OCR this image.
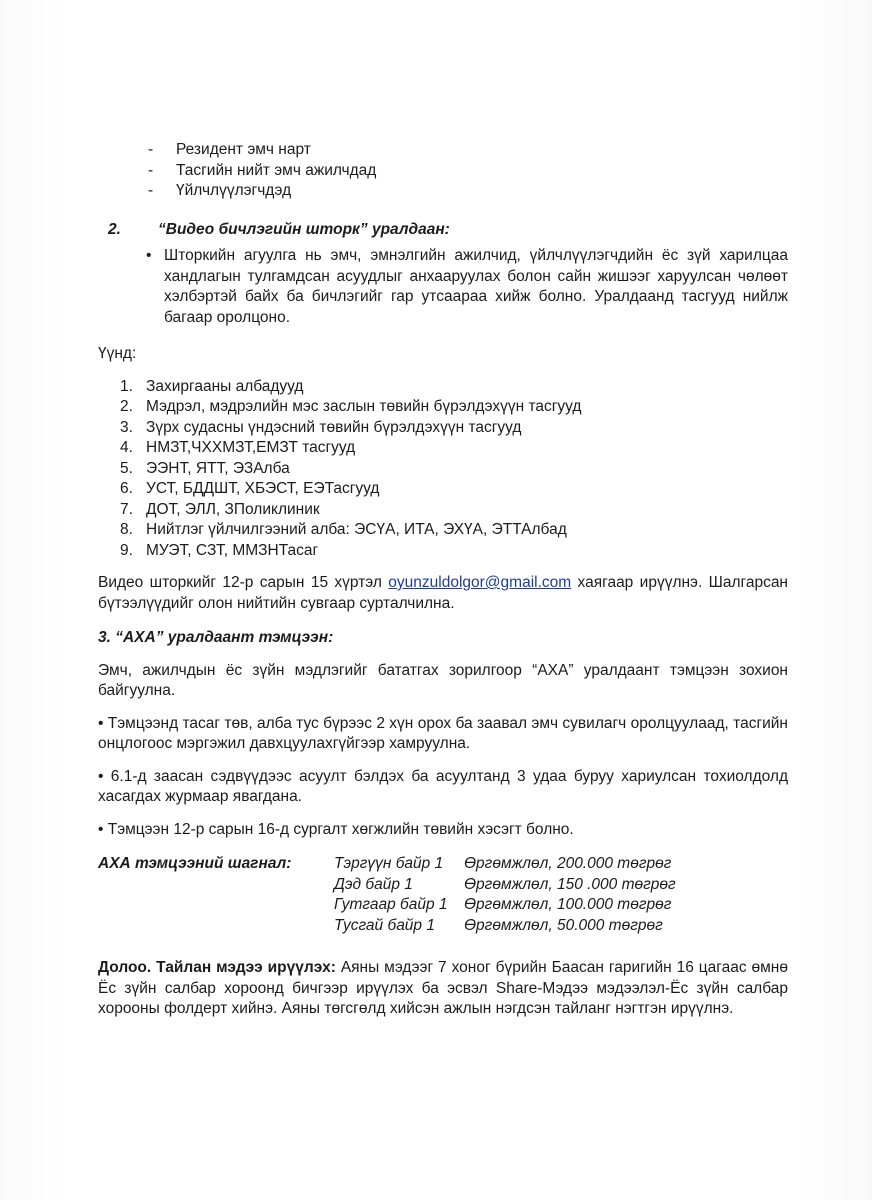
- Резидент эмч нарт
- Тасгийн нийт эмч ажилчдад
- Үйлчлүүлэгчдэд
2.	“Видео бичлэгийн шторк” уралдаан:
• Шторкийн агуулга нь эмч, эмнэлгийн ажилчид, үйлчлүүлэгчдийн ёс зүй харилцаа хандлагын тулгамдсан асуудлыг анхааруулах болон сайн жишээг харуулсан чөлөөт хэлбэртэй байх ба бичлэгийг гар утсаараа хийж болно. Уралдаанд тасгууд нийлж багаар оролцоно.
Үүнд:
1. Захиргааны албадууд
2. Мэдрэл, мэдрэлийн мэс заслын төвийн бүрэлдэхүүн тасгууд
3. Зүрх судасны үндэсний төвийн бүрэлдэхүүн тасгууд
4. НМЗТ,ЧХХМЗТ,ЕМЗТ тасгууд
5. ЭЭНТ, ЯТТ, ЭЗАлба
6. УСТ, БДДШТ, ХБЭСТ, ЕЭТасгууд
7. ДОТ, ЭЛЛ, ЗПоликлиник
8. Нийтлэг үйлчилгээний алба: ЭСҮА, ИТА, ЭХҮА, ЭТТАлбад
9. МУЭТ, СЗТ, ММЗНТасаг
Видео шторкийг 12-р сарын 15 хүртэл oyunzuldolgor@gmail.com хаягаар ирүүлнэ. Шалгарсан бүтээлүүдийг олон нийтийн сувгаар сурталчилна.
3. “АХА” уралдаант тэмцээн:
Эмч, ажилчдын ёс зүйн мэдлэгийг бататгах зорилгоор “АХА” уралдаант тэмцээн зохион байгуулна.
• Тэмцээнд тасаг төв, алба тус бүрээс 2 хүн орох ба заавал эмч сувилагч оролцуулаад, тасгийн онцлогоос мэргэжил давхцуулахгүйгээр хамруулна.
• 6.1-д заасан сэдвүүдээс асуулт бэлдэх ба асуултанд 3 удаа буруу хариулсан тохиолдолд хасагдах журмаар явагдана.
• Тэмцээн 12-р сарын 16-д сургалт хөгжлийн төвийн хэсэгт болно.
АХА тэмцээний шагнал:	Тэргүүн байр 1	Өргөмжлөл, 200.000 төгрөг
Дэд байр 1	Өргөмжлөл, 150 .000 төгрөг
Гутгаар байр 1	Өргөмжлөл, 100.000 төгрөг
Тусгай байр 1	Өргөмжлөл, 50.000 төгрөг
Долоо. Тайлан мэдээ ирүүлэх: Аяны мэдээг 7 хоног бүрийн Баасан гаригийн 16 цагаас өмнө Ёс зүйн салбар хороонд бичгээр ирүүлэх ба эсвэл Share-Мэдээ мэдээлэл-Ёс зүйн салбар хорооны фолдерт хийнэ. Аяны төгсгөлд хийсэн ажлын нэгдсэн тайланг нэгтгэн ирүүлнэ.
